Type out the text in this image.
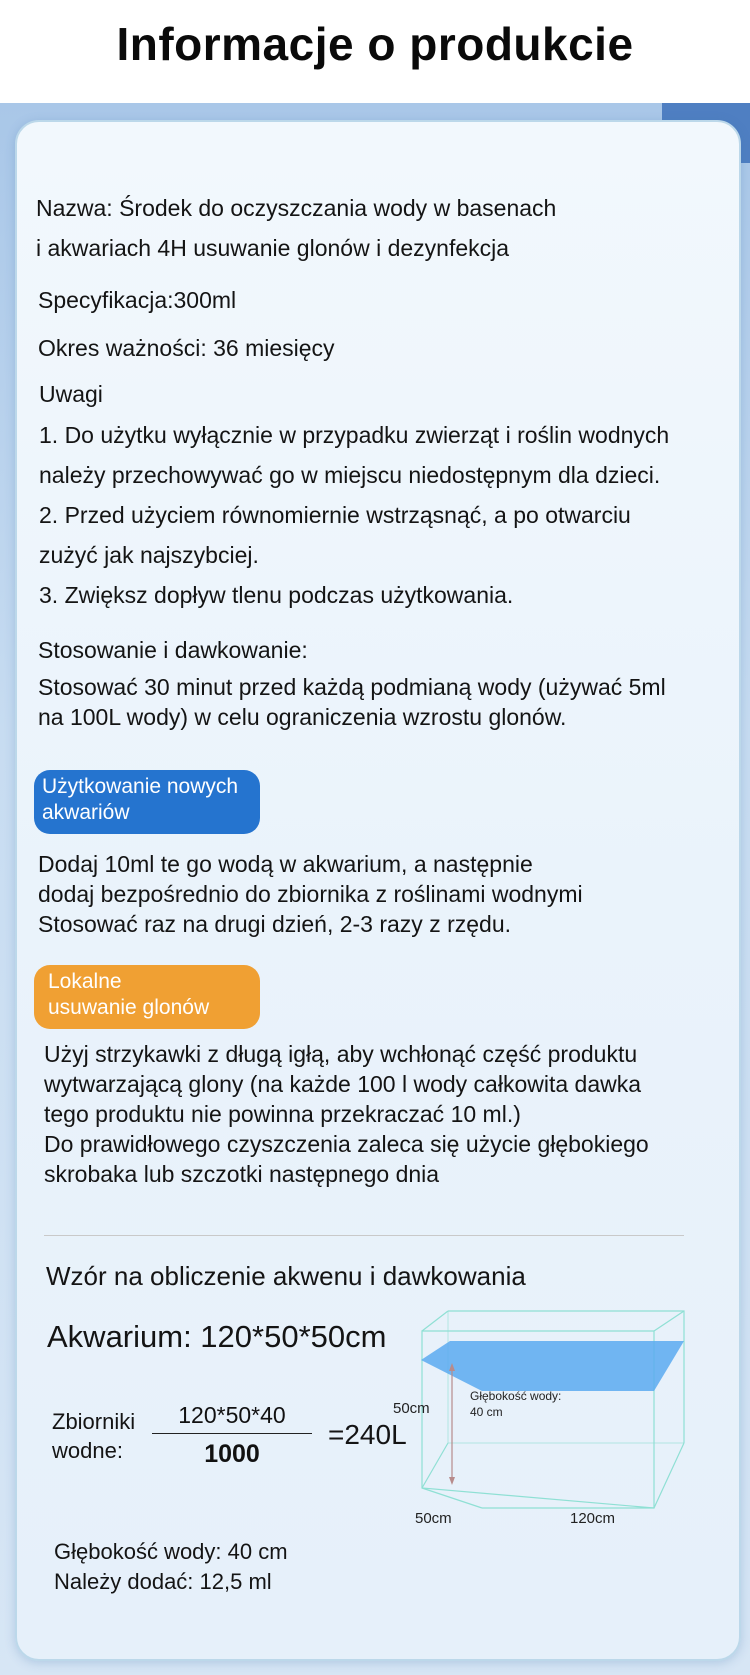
Informacje o produkcie
Nazwa: Środek do oczyszczania wody w basenach
i akwariach 4H usuwanie glonów i dezynfekcja
Specyfikacja:300ml
Okres ważności: 36 miesięcy
Uwagi
1. Do użytku wyłącznie w przypadku zwierząt i roślin wodnych
należy przechowywać go w miejscu niedostępnym dla dzieci.
2. Przed użyciem równomiernie wstrząsnąć, a po otwarciu
zużyć jak najszybciej.
3. Zwiększ dopływ tlenu podczas użytkowania.
Stosowanie i dawkowanie:
Stosować 30 minut przed każdą podmianą wody (używać 5ml
na 100L wody) w celu ograniczenia wzrostu glonów.
Użytkowanie nowych
akwariów
Dodaj 10ml te go wodą w akwarium, a następnie
dodaj bezpośrednio do zbiornika z roślinami wodnymi
Stosować raz na drugi dzień, 2-3 razy z rzędu.
Lokalne
usuwanie glonów
Użyj strzykawki z długą igłą, aby wchłonąć część produktu
wytwarzającą glony (na każde 100 l wody całkowita dawka
tego produktu nie powinna przekraczać 10 ml.)
Do prawidłowego czyszczenia zaleca się użycie głębokiego
skrobaka lub szczotki następnego dnia
Wzór na obliczenie akwenu i dawkowania
Akwarium: 120*50*50cm
Zbiorniki
wodne:
120*50*40
1000
=240L
Głębokość wody: 40 cm
Należy dodać: 12,5 ml
50cm
Głębokość wody:
40 cm
50cm	120cm
